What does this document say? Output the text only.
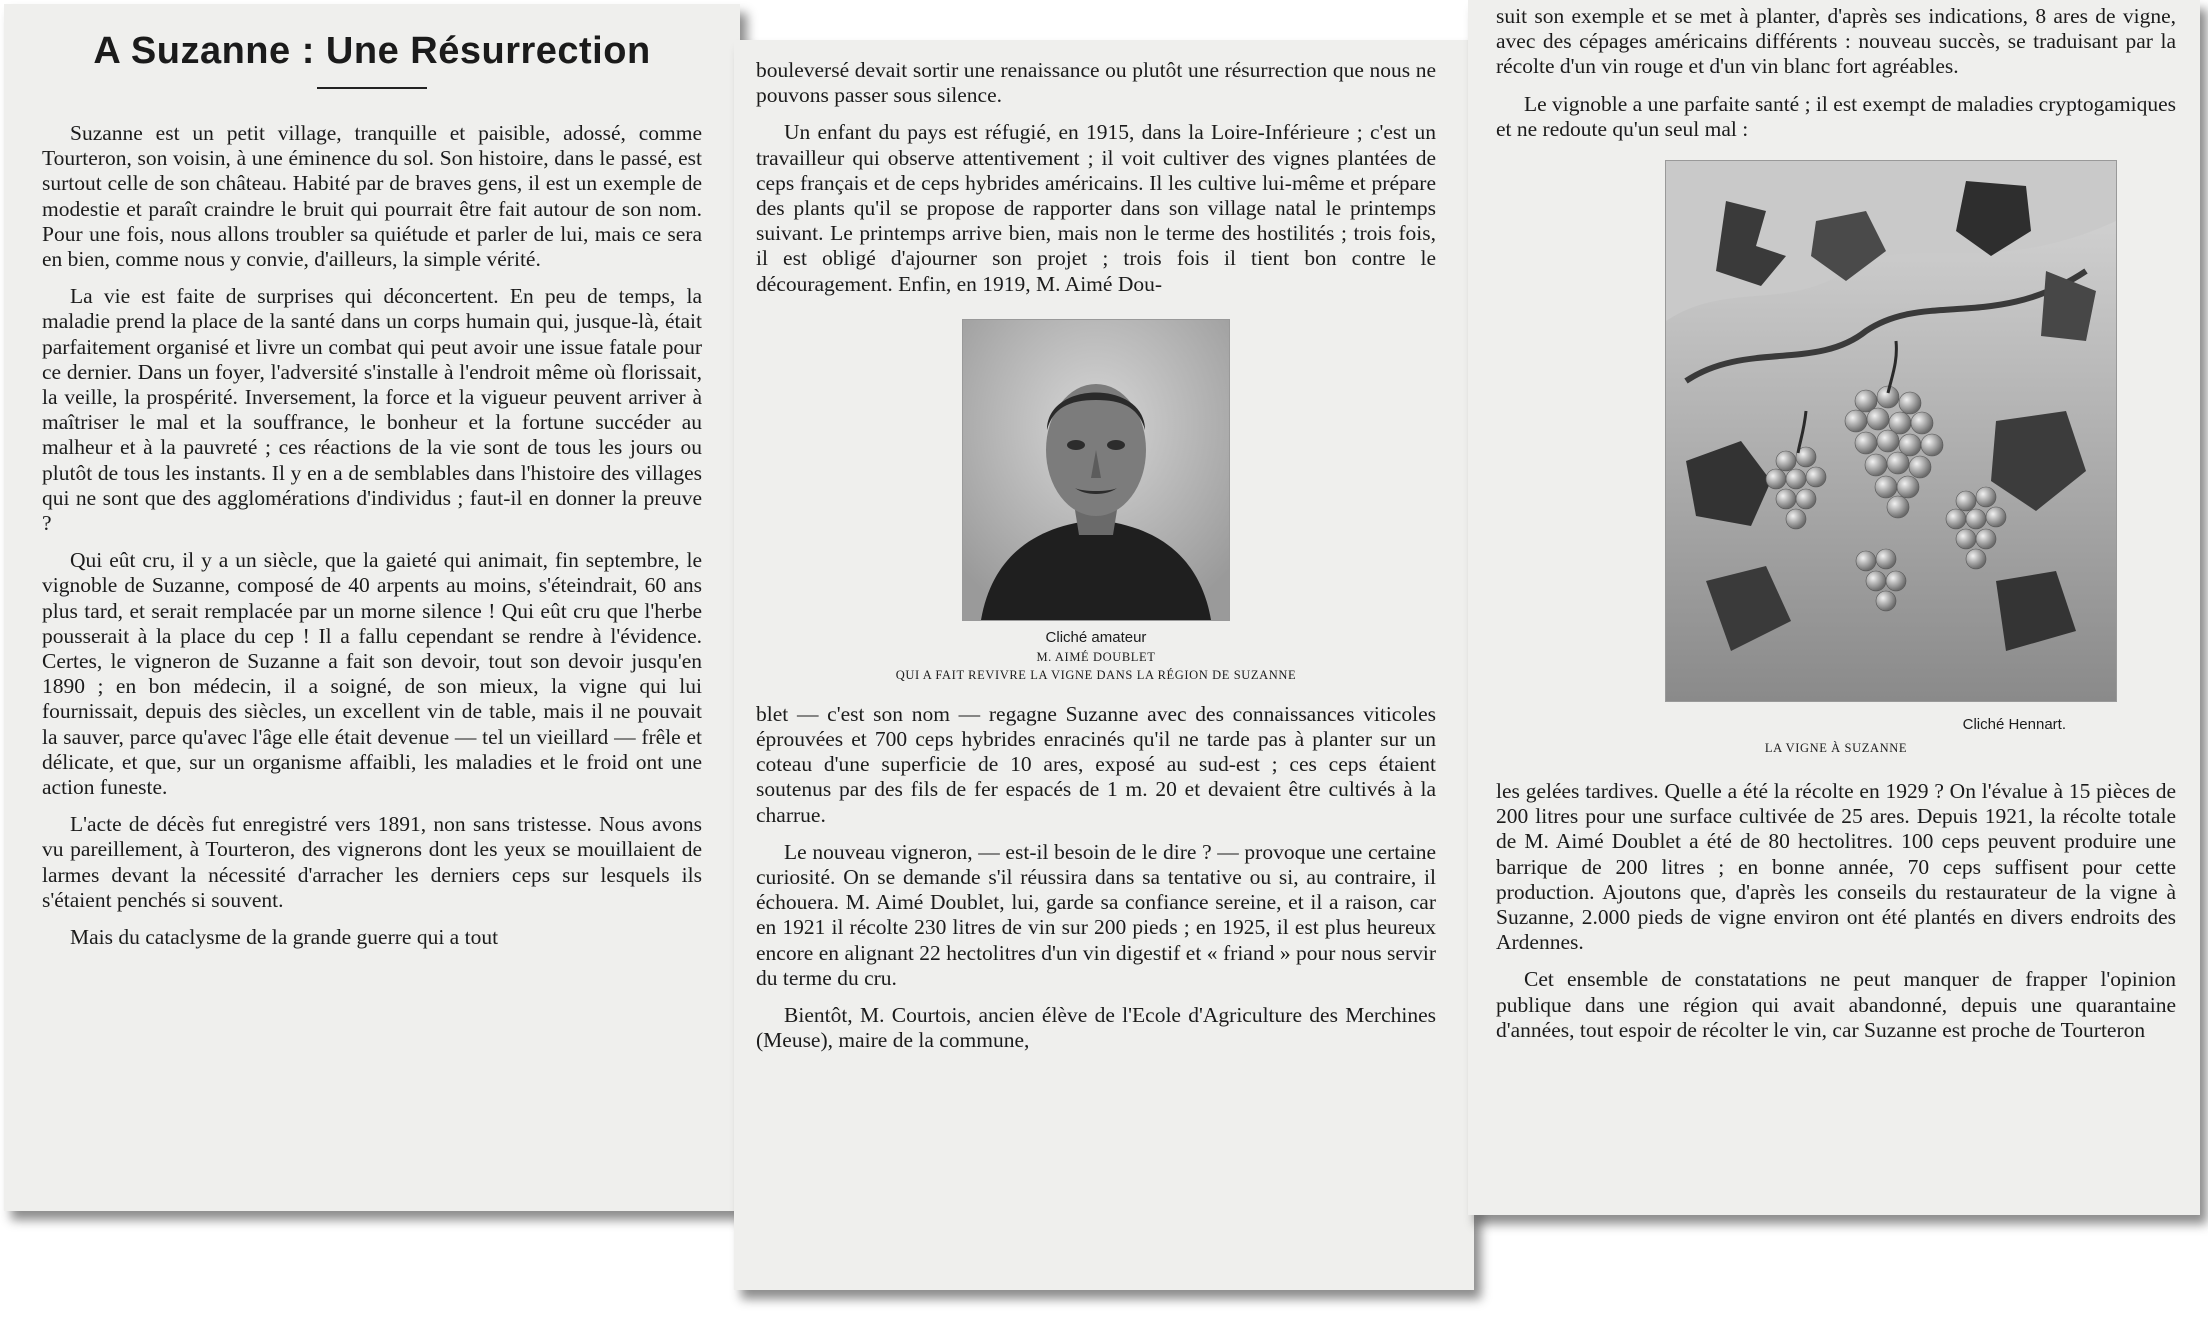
A Suzanne : Une Résurrection

Suzanne est un petit village, tranquille et paisible, adossé, comme Tourteron, son voisin, à une éminence du sol. Son histoire, dans le passé, est surtout celle de son château. Habité par de braves gens, il est un exemple de modestie et paraît craindre le bruit qui pourrait être fait autour de son nom. Pour une fois, nous allons troubler sa quiétude et parler de lui, mais ce sera en bien, comme nous y convie, d'ailleurs, la simple vérité.

La vie est faite de surprises qui déconcertent. En peu de temps, la maladie prend la place de la santé dans un corps humain qui, jusque-là, était parfaitement organisé et livre un combat qui peut avoir une issue fatale pour ce dernier. Dans un foyer, l'adversité s'installe à l'endroit même où florissait, la veille, la prospérité. Inversement, la force et la vigueur peuvent arriver à maîtriser le mal et la souffrance, le bonheur et la fortune succéder au malheur et à la pauvreté ; ces réactions de la vie sont de tous les jours ou plutôt de tous les instants. Il y en a de semblables dans l'histoire des villages qui ne sont que des agglomérations d'individus ; faut-il en donner la preuve ?

Qui eût cru, il y a un siècle, que la gaieté qui animait, fin septembre, le vignoble de Suzanne, composé de 40 arpents au moins, s'éteindrait, 60 ans plus tard, et serait remplacée par un morne silence ! Qui eût cru que l'herbe pousserait à la place du cep ! Il a fallu cependant se rendre à l'évidence. Certes, le vigneron de Suzanne a fait son devoir, tout son devoir jusqu'en 1890 ; en bon médecin, il a soigné, de son mieux, la vigne qui lui fournissait, depuis des siècles, un excellent vin de table, mais il ne pouvait la sauver, parce qu'avec l'âge elle était devenue — tel un vieillard — frêle et délicate, et que, sur un organisme affaibli, les maladies et le froid ont une action funeste.

L'acte de décès fut enregistré vers 1891, non sans tristesse. Nous avons vu pareillement, à Tourteron, des vignerons dont les yeux se mouillaient de larmes devant la nécessité d'arracher les derniers ceps sur lesquels ils s'étaient penchés si souvent.

Mais du cataclysme de la grande guerre qui a tout

bouleversé devait sortir une renaissance ou plutôt une résurrection que nous ne pouvons passer sous silence.

Un enfant du pays est réfugié, en 1915, dans la Loire-Inférieure ; c'est un travailleur qui observe attentivement ; il voit cultiver des vignes plantées de ceps français et de ceps hybrides américains. Il les cultive lui-même et prépare des plants qu'il se propose de rapporter dans son village natal le printemps suivant. Le printemps arrive bien, mais non le terme des hostilités ; trois fois, il est obligé d'ajourner son projet ; trois fois il tient bon contre le découragement. Enfin, en 1919, M. Aimé Dou-

Cliché amateur
M. AIMÉ DOUBLET
QUI A FAIT REVIVRE LA VIGNE DANS LA RÉGION DE SUZANNE

blet — c'est son nom — regagne Suzanne avec des connaissances viticoles éprouvées et 700 ceps hybrides enracinés qu'il ne tarde pas à planter sur un coteau d'une superficie de 10 ares, exposé au sud-est ; ces ceps étaient soutenus par des fils de fer espacés de 1 m. 20 et devaient être cultivés à la charrue.

Le nouveau vigneron, — est-il besoin de le dire ? — provoque une certaine curiosité. On se demande s'il réussira dans sa tentative ou si, au contraire, il échouera. M. Aimé Doublet, lui, garde sa confiance sereine, et il a raison, car en 1921 il récolte 230 litres de vin sur 200 pieds ; en 1925, il est plus heureux encore en alignant 22 hectolitres d'un vin digestif et « friand » pour nous servir du terme du cru.

Bientôt, M. Courtois, ancien élève de l'Ecole d'Agriculture des Merchines (Meuse), maire de la commune,

suit son exemple et se met à planter, d'après ses indications, 8 ares de vigne, avec des cépages américains différents : nouveau succès, se traduisant par la récolte d'un vin rouge et d'un vin blanc fort agréables.

Le vignoble a une parfaite santé ; il est exempt de maladies cryptogamiques et ne redoute qu'un seul mal :

Cliché Hennart.
LA VIGNE À SUZANNE

les gelées tardives. Quelle a été la récolte en 1929 ? On l'évalue à 15 pièces de 200 litres pour une surface cultivée de 25 ares. Depuis 1921, la récolte totale de M. Aimé Doublet a été de 80 hectolitres. 100 ceps peuvent produire une barrique de 200 litres ; en bonne année, 70 ceps suffisent pour cette production. Ajoutons que, d'après les conseils du restaurateur de la vigne à Suzanne, 2.000 pieds de vigne environ ont été plantés en divers endroits des Ardennes.

Cet ensemble de constatations ne peut manquer de frapper l'opinion publique dans une région qui avait abandonné, depuis une quarantaine d'années, tout espoir de récolter le vin, car Suzanne est proche de Tourteron
